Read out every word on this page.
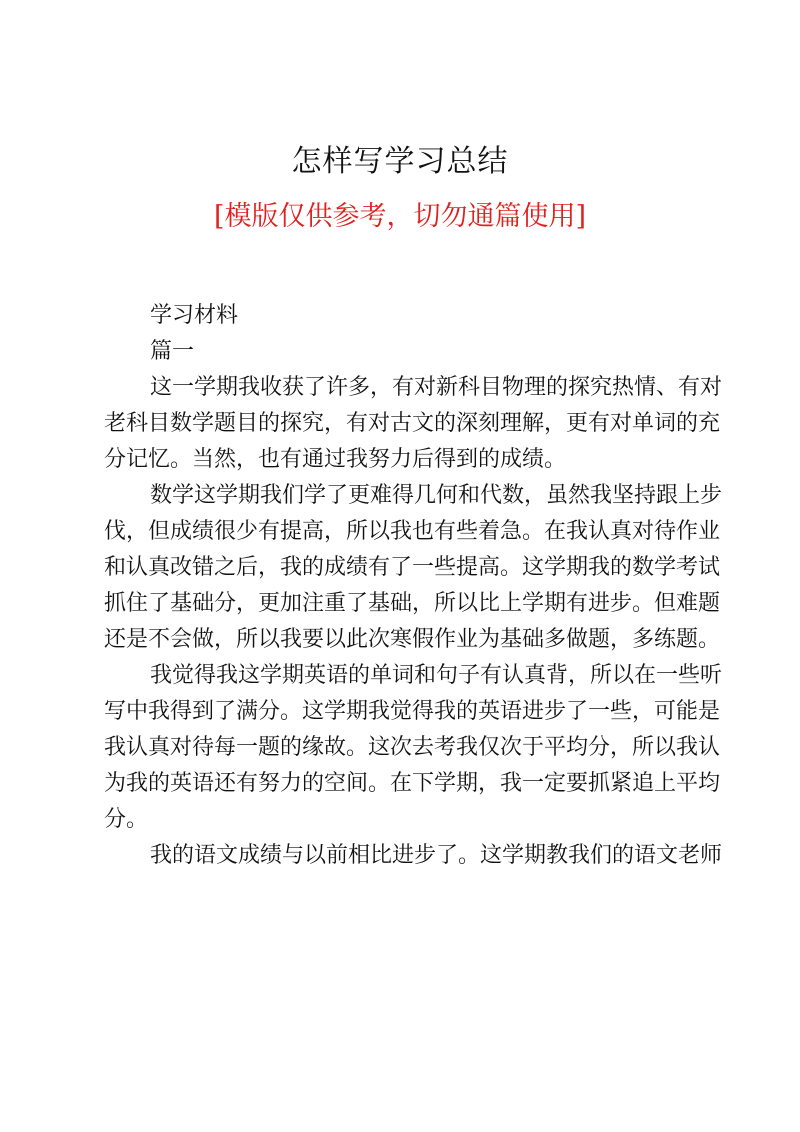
怎样写学习总结
[模版仅供参考，切勿通篇使用]
学习材料
篇一
这一学期我收获了许多，有对新科目物理的探究热情、有对
老科目数学题目的探究，有对古文的深刻理解，更有对单词的充
分记忆。当然，也有通过我努力后得到的成绩。
数学这学期我们学了更难得几何和代数，虽然我坚持跟上步
伐，但成绩很少有提高，所以我也有些着急。在我认真对待作业
和认真改错之后，我的成绩有了一些提高。这学期我的数学考试
抓住了基础分，更加注重了基础，所以比上学期有进步。但难题
还是不会做，所以我要以此次寒假作业为基础多做题，多练题。
我觉得我这学期英语的单词和句子有认真背，所以在一些听
写中我得到了满分。这学期我觉得我的英语进步了一些，可能是
我认真对待每一题的缘故。这次去考我仅次于平均分，所以我认
为我的英语还有努力的空间。在下学期，我一定要抓紧追上平均
分。
我的语文成绩与以前相比进步了。这学期教我们的语文老师
